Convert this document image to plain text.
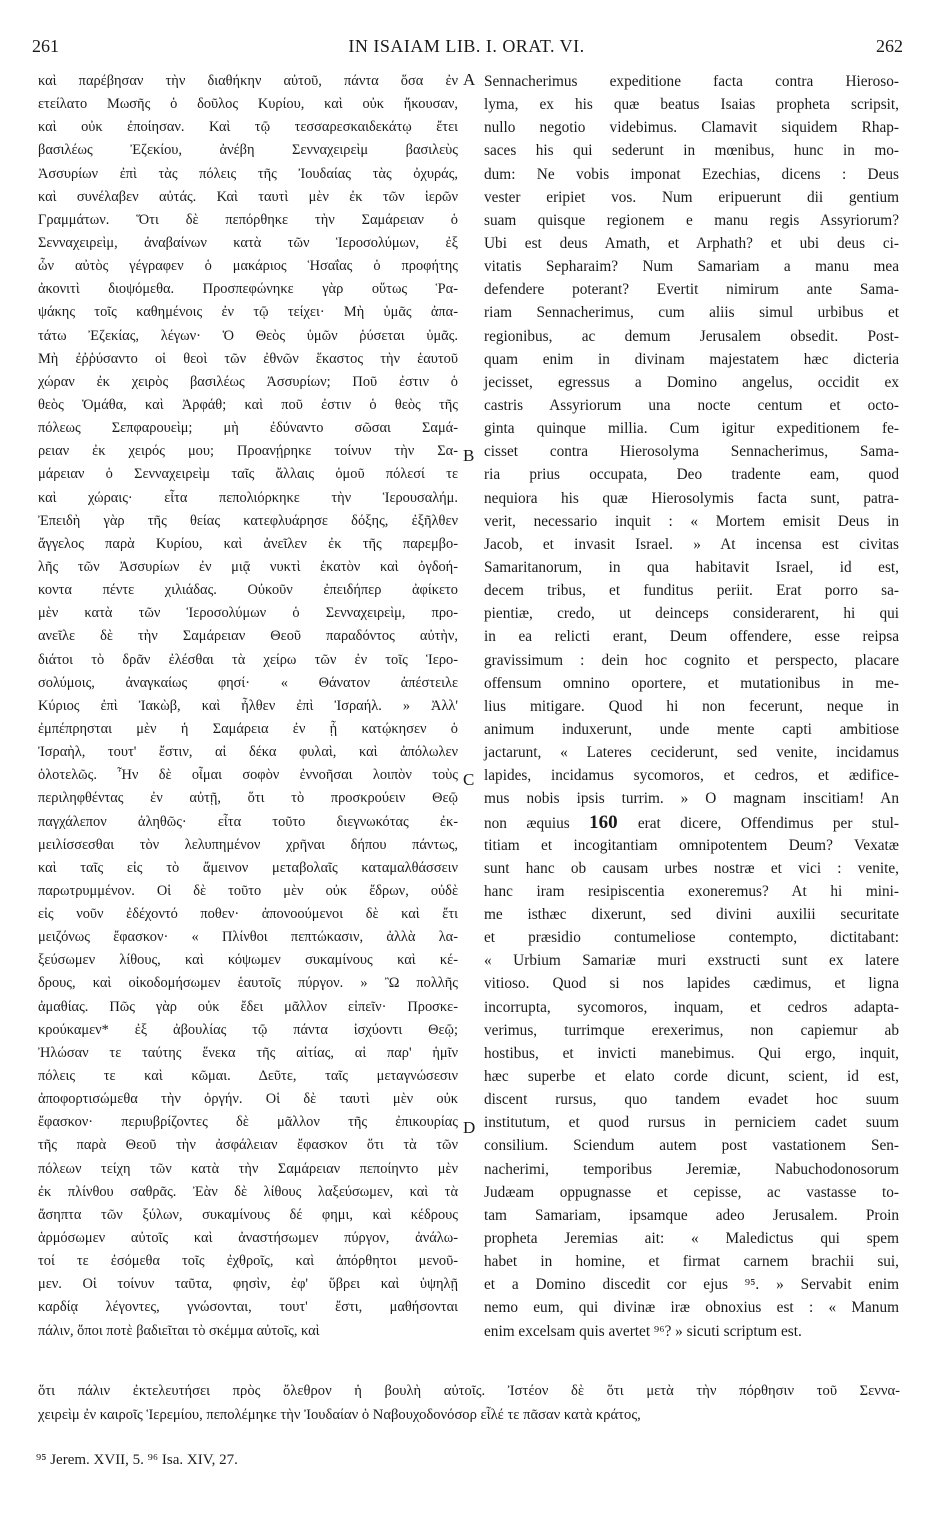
261	IN ISAIAM LIB. I. ORAT. VI.	262
A
B
C
D
καὶ παρέβησαν τὴν διαθήκην αὐτοῦ, πάντα ὅσα ἐν
ετείλατο Μωσῆς ὁ δοῦλος Κυρίου, καὶ οὐκ ἤκουσαν,
καὶ οὐκ ἐποίησαν. Καὶ τῷ τεσσαρεσκαιδεκάτῳ ἔτει
βασιλέως Ἐζεκίου, ἀνέβη Σενναχειρεὶμ βασιλεὺς
Ἀσσυρίων ἐπὶ τὰς πόλεις τῆς Ἰουδαίας τὰς ὀχυράς,
καὶ συνέλαβεν αὐτάς. Καὶ ταυτὶ μὲν ἐκ τῶν ἱερῶν
Γραμμάτων. Ὅτι δὲ πεπόρθηκε τὴν Σαμάρειαν ὁ
Σενναχειρεὶμ, ἀναβαίνων κατὰ τῶν Ἱεροσολύμων, ἐξ
ὧν αὐτὸς γέγραφεν ὁ μακάριος Ἡσαΐας ὁ προφήτης
ἀκονιτὶ διοψόμεθα. Προσπεφώνηκε γὰρ οὕτως Ῥα-
ψάκης τοῖς καθημένοις ἐν τῷ τείχει· Μὴ ὑμᾶς ἀπα-
τάτω Ἐζεκίας, λέγων· Ὁ Θεὸς ὑμῶν ῥύσεται ὑμᾶς.
Μὴ ἐῤῥύσαντο οἱ θεοὶ τῶν ἐθνῶν ἕκαστος τὴν ἑαυτοῦ
χώραν ἐκ χειρὸς βασιλέως Ἀσσυρίων; Ποῦ ἐστιν ὁ
θεὸς Ὁμάθα, καὶ Ἀρφάθ; καὶ ποῦ ἐστιν ὁ θεὸς τῆς
πόλεως Σεπφαρουεὶμ; μὴ ἐδύναντο σῶσαι Σαμά-
ρειαν ἐκ χειρός μου; Προανῄρηκε τοίνυν τὴν Σα-
μάρειαν ὁ Σενναχειρεὶμ ταῖς ἄλλαις ὁμοῦ πόλεσί τε
καὶ χώραις· εἶτα πεπολιόρκηκε τὴν Ἱερουσαλήμ.
Ἐπειδὴ γὰρ τῆς θείας κατεφλυάρησε δόξης, ἐξῆλθεν
ἄγγελος παρὰ Κυρίου, καὶ ἀνεῖλεν ἐκ τῆς παρεμβο-
λῆς τῶν Ἀσσυρίων ἐν μιᾷ νυκτὶ ἑκατὸν καὶ ὀγδοή-
κοντα πέντε χιλιάδας. Οὐκοῦν ἐπειδήπερ ἀφίκετο
μὲν κατὰ τῶν Ἱεροσολύμων ὁ Σενναχειρεὶμ, προ-
ανεῖλε δὲ τὴν Σαμάρειαν Θεοῦ παραδόντος αὐτὴν,
διάτοι τὸ δρᾶν ἐλέσθαι τὰ χείρω τῶν ἐν τοῖς Ἱερο-
σολύμοις, ἀναγκαίως φησί· « Θάνατον ἀπέστειλε
Κύριος ἐπὶ Ἰακὼβ, καὶ ἦλθεν ἐπὶ Ἰσραήλ. » Ἀλλ'
ἐμπέπρησται μὲν ἡ Σαμάρεια ἐν ᾗ κατῴκησεν ὁ
Ἰσραὴλ, τουτ' ἔστιν, αἱ δέκα φυλαὶ, καὶ ἀπόλωλεν
ὁλοτελῶς. Ἦν δὲ οἶμαι σοφὸν ἐννοῆσαι λοιπὸν τοὺς
περιληφθέντας ἐν αὐτῇ, ὅτι τὸ προσκρούειν Θεῷ
παγχάλεπον ἀληθῶς· εἶτα τοῦτο διεγνωκότας ἐκ-
μειλίσσεσθαι τὸν λελυπημένον χρῆναι δήπου πάντως,
καὶ ταῖς εἰς τὸ ἄμεινον μεταβολαῖς καταμαλθάσσειν
παρωτρυμμένον. Οἱ δὲ τοῦτο μὲν οὐκ ἔδρων, οὐδὲ
εἰς νοῦν ἐδέχοντό ποθεν· ἀπονοούμενοι δὲ καὶ ἔτι
μειζόνως ἔφασκον· « Πλίνθοι πεπτώκασιν, ἀλλὰ λα-
ξεύσωμεν λίθους, καὶ κόψωμεν συκαμίνους καὶ κέ-
δρους, καὶ οἰκοδομήσωμεν ἑαυτοῖς πύργον. » Ὢ πολλῆς
ἀμαθίας. Πῶς γὰρ οὐκ ἔδει μᾶλλον εἰπεῖν· Προσκε-
κρούκαμεν* ἐξ ἀβουλίας τῷ πάντα ἰσχύοντι Θεῷ;
Ἠλώσαν τε ταύτης ἕνεκα τῆς αἰτίας, αἱ παρ' ἡμῖν
πόλεις τε καὶ κῶμαι. Δεῦτε, ταῖς μεταγνώσεσιν
ἀποφορτισώμεθα τὴν ὀργήν. Οἱ δὲ ταυτὶ μὲν οὐκ
ἔφασκον· περιυβρίζοντες δὲ μᾶλλον τῆς ἐπικουρίας
τῆς παρὰ Θεοῦ τὴν ἀσφάλειαν ἔφασκον ὅτι τὰ τῶν
πόλεων τείχη τῶν κατὰ τὴν Σαμάρειαν πεποίηντο μὲν
ἐκ πλίνθου σαθρᾶς. Ἐὰν δὲ λίθους λαξεύσωμεν, καὶ τὰ
ἄσηπτα τῶν ξύλων, συκαμίνους δέ φημι, καὶ κέδρους
ἁρμόσωμεν αὐτοῖς καὶ ἀναστήσωμεν πύργον, ἀνάλω-
τοί τε ἐσόμεθα τοῖς ἐχθροῖς, καὶ ἀπόρθητοι μενοῦ-
μεν. Οἱ τοίνυν ταῦτα, φησὶν, ἐφ' ὕβρει καὶ ὑψηλῇ
καρδίᾳ λέγοντες, γνώσονται, τουτ' ἔστι, μαθήσονται
πάλιν, ὅποι ποτὲ βαδιεῖται τὸ σκέμμα αὐτοῖς, καὶ
Sennacherimus expeditione facta contra Hieroso-
lyma, ex his quæ beatus Isaias propheta scripsit,
nullo negotio videbimus. Clamavit siquidem Rhap-
saces his qui sederunt in mœnibus, hunc in mo-
dum: Ne vobis imponat Ezechias, dicens : Deus
vester eripiet vos. Num eripuerunt dii gentium
suam quisque regionem e manu regis Assyriorum?
Ubi est deus Amath, et Arphath? et ubi deus ci-
vitatis Sepharaim? Num Samariam a manu mea
defendere poterant? Evertit nimirum ante Sama-
riam Sennacherimus, cum aliis simul urbibus et
regionibus, ac demum Jerusalem obsedit. Post-
quam enim in divinam majestatem hæc dicteria
jecisset, egressus a Domino angelus, occidit ex
castris Assyriorum una nocte centum et octo-
ginta quinque millia. Cum igitur expeditionem fe-
cisset contra Hierosolyma Sennacherimus, Sama-
ria prius occupata, Deo tradente eam, quod
nequiora his quæ Hierosolymis facta sunt, patra-
verit, necessario inquit : « Mortem emisit Deus in
Jacob, et invasit Israel. » At incensa est civitas
Samaritanorum, in qua habitavit Israel, id est,
decem tribus, et funditus periit. Erat porro sa-
pientiæ, credo, ut deinceps considerarent, hi qui
in ea relicti erant, Deum offendere, esse reipsa
gravissimum : dein hoc cognito et perspecto, placare
offensum omnino oportere, et mutationibus in me-
lius mitigare. Quod hi non fecerunt, neque in
animum induxerunt, unde mente capti ambitiose
jactarunt, « Lateres ceciderunt, sed venite, incidamus
lapides, incidamus sycomoros, et cedros, et ædifice-
mus nobis ipsis turrim. » O magnam inscitiam! An
non æquius 160 erat dicere, Offendimus per stul-
titiam et incogitantiam omnipotentem Deum? Vexatæ
sunt hanc ob causam urbes nostræ et vici : venite,
hanc iram resipiscentia exoneremus? At hi mini-
me isthæc dixerunt, sed divini auxilii securitate
et præsidio contumeliose contempto, dictitabant:
« Urbium Samariæ muri exstructi sunt ex latere
vitioso. Quod si nos lapides cædimus, et ligna
incorrupta, sycomoros, inquam, et cedros adapta-
verimus, turrimque erexerimus, non capiemur ab
hostibus, et invicti manebimus. Qui ergo, inquit,
hæc superbe et elato corde dicunt, scient, id est,
discent rursus, quo tandem evadet hoc suum
institutum, et quod rursus in perniciem cadet suum
consilium. Sciendum autem post vastationem Sen-
nacherimi, temporibus Jeremiæ, Nabuchodonosorum
Judæam oppugnasse et cepisse, ac vastasse to-
tam Samariam, ipsamque adeo Jerusalem. Proin
propheta Jeremias ait: « Maledictus qui spem
habet in homine, et firmat carnem brachii sui,
et a Domino discedit cor ejus ⁹⁵. » Servabit enim
nemo eum, qui divinæ iræ obnoxius est : « Manum
enim excelsam quis avertet ⁹⁶? » sicuti scriptum est.
ὅτι πάλιν ἐκτελευτήσει πρὸς ὄλεθρον ἡ βουλὴ αὐτοῖς. Ἰστέον δὲ ὅτι μετὰ τὴν πόρθησιν τοῦ Σεννα-
χειρεὶμ ἐν καιροῖς Ἱερεμίου, πεπολέμηκε τὴν Ἰουδαίαν ὁ Ναβουχοδονόσορ εἷλέ τε πᾶσαν κατὰ κράτος,
⁹⁵ Jerem. XVII, 5. ⁹⁶ Isa. XIV, 27.
